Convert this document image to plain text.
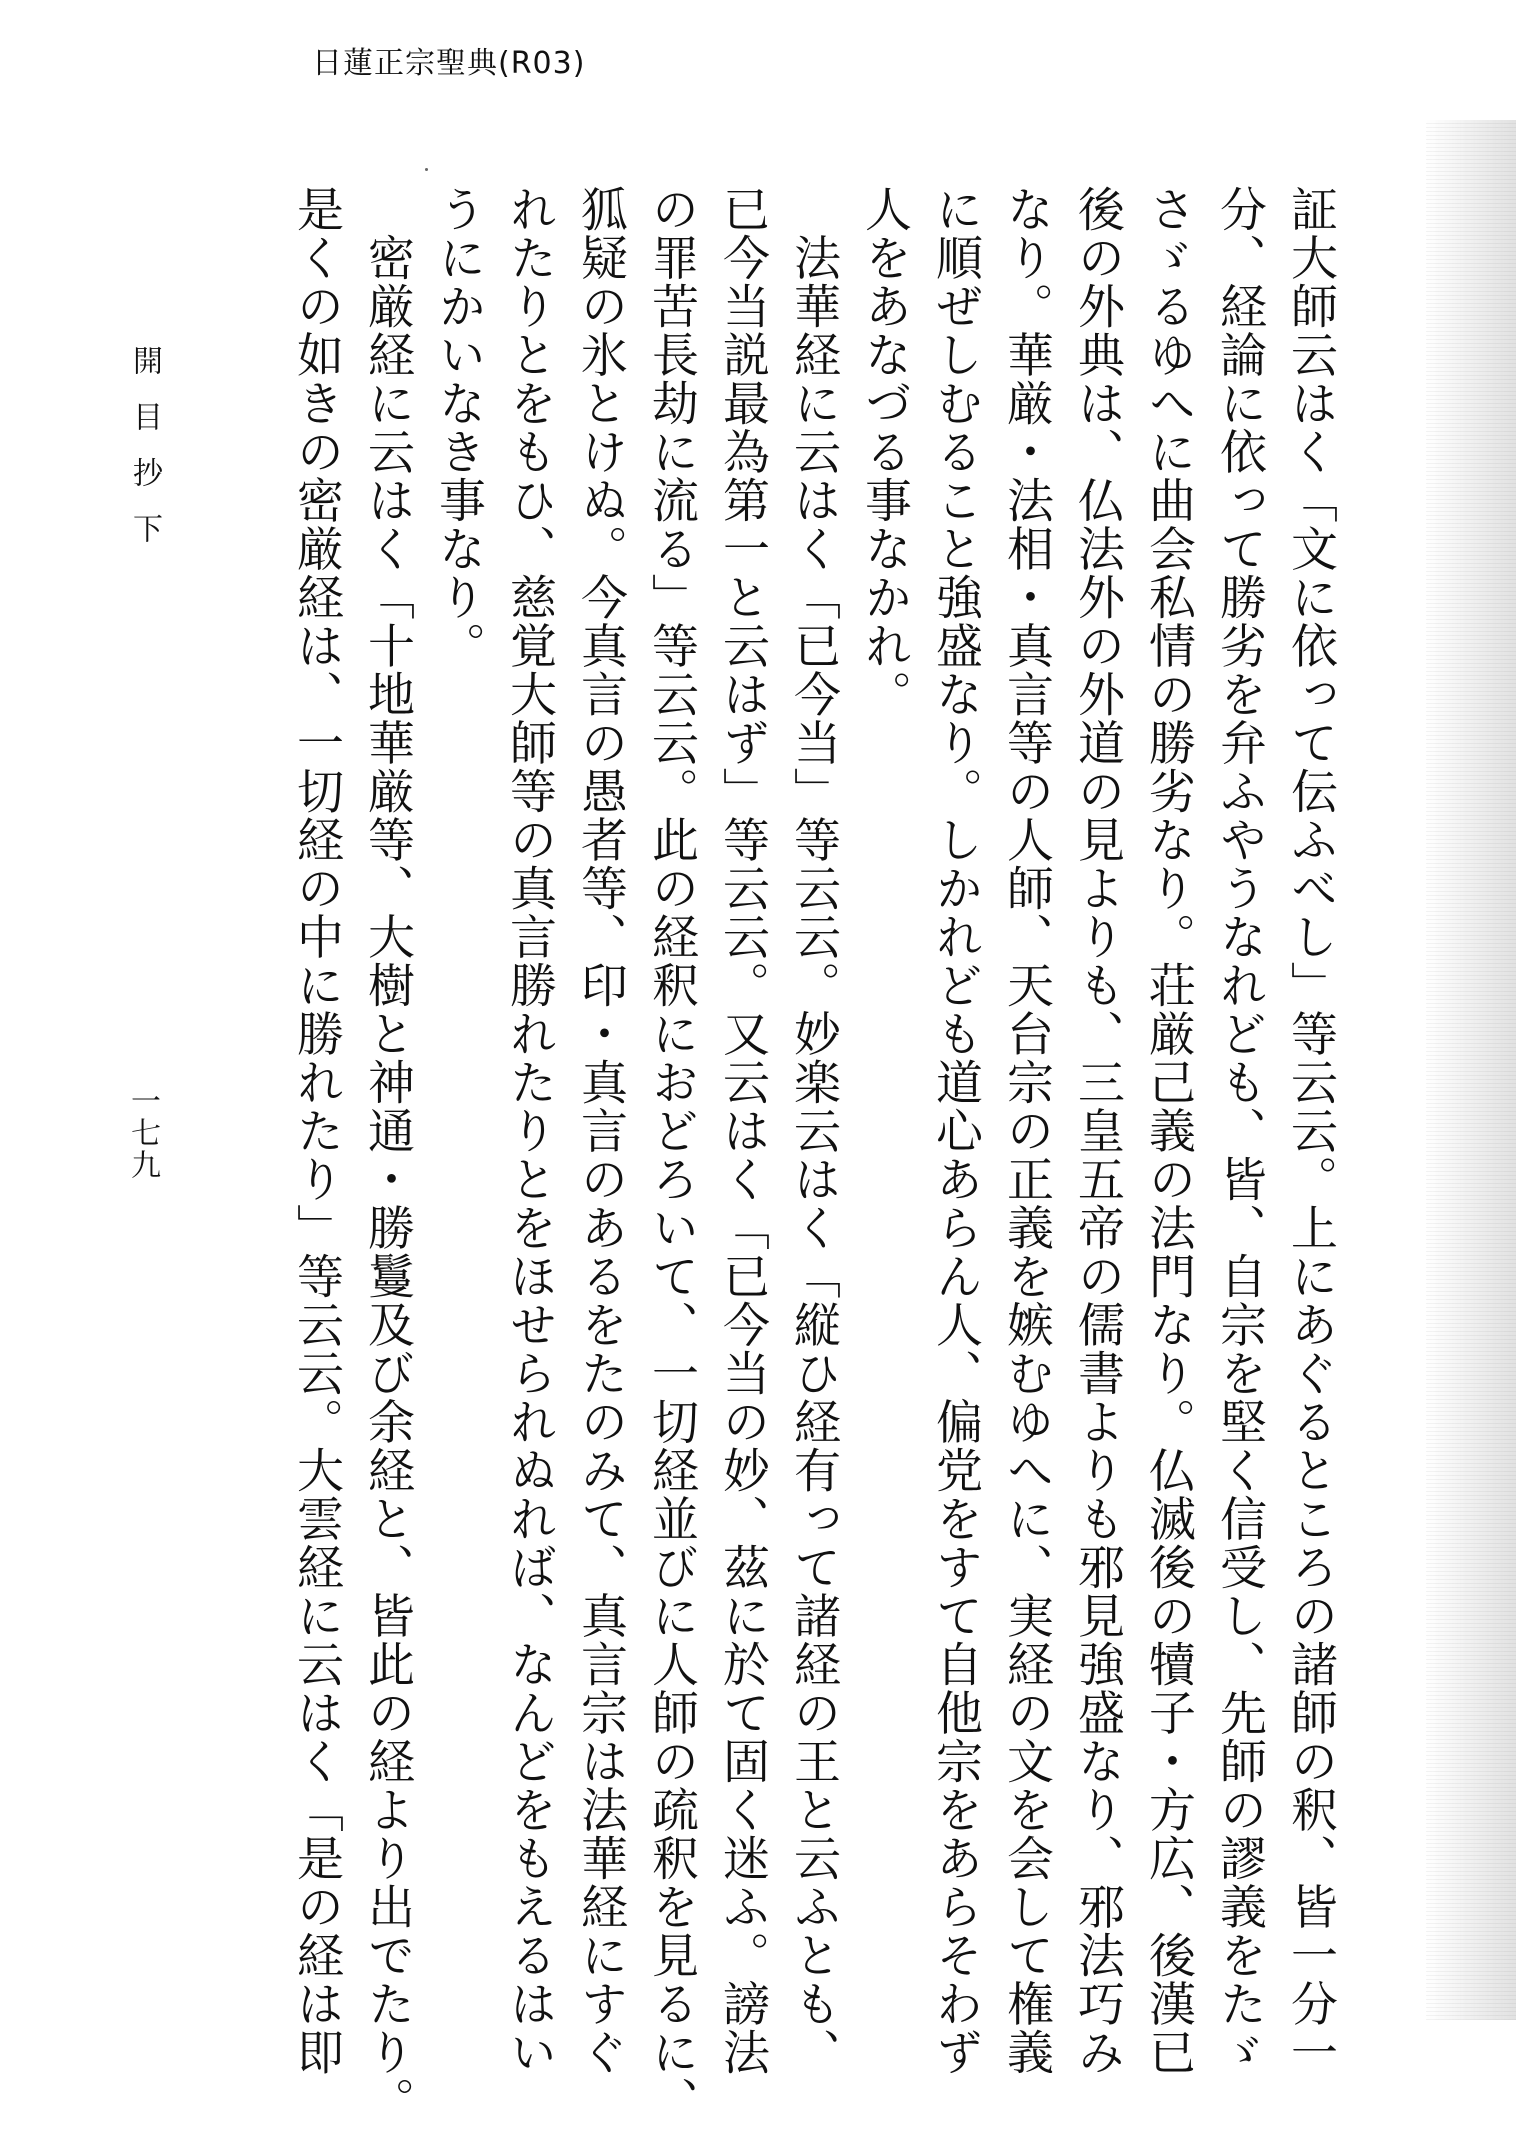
日蓮正宗聖典(R03)
証大師云はく「文に依って伝ふべし」等云云。上にあぐるところの諸師の釈、皆一分一
分、経論に依って勝劣を弁ふやうなれども、皆、自宗を堅く信受し、先師の謬義をたゞ
さゞるゆへに曲会私情の勝劣なり。荘厳己義の法門なり。仏滅後の犢子・方広、後漢已
後の外典は、仏法外の外道の見よりも、三皇五帝の儒書よりも邪見強盛なり、邪法巧み
なり。華厳・法相・真言等の人師、天台宗の正義を嫉むゆへに、実経の文を会して権義
に順ぜしむること強盛なり。しかれども道心あらん人、偏党をすて自他宗をあらそわず
人をあなづる事なかれ。
　法華経に云はく「已今当」等云云。妙楽云はく「縦ひ経有って諸経の王と云ふとも、
已今当説最為第一と云はず」等云云。又云はく「已今当の妙、茲に於て固く迷ふ。謗法
の罪苦長劫に流る」等云云。此の経釈におどろいて、一切経並びに人師の疏釈を見るに、
狐疑の氷とけぬ。今真言の愚者等、印・真言のあるをたのみて、真言宗は法華経にすぐ
れたりとをもひ、慈覚大師等の真言勝れたりとをほせられぬれば、なんどをもえるはい
うにかいなき事なり。
　密厳経に云はく「十地華厳等、大樹と神通・勝鬘及び余経と、皆此の経より出でたり。
是くの如きの密厳経は、一切経の中に勝れたり」等云云。大雲経に云はく「是の経は即
開目抄下
一七九
